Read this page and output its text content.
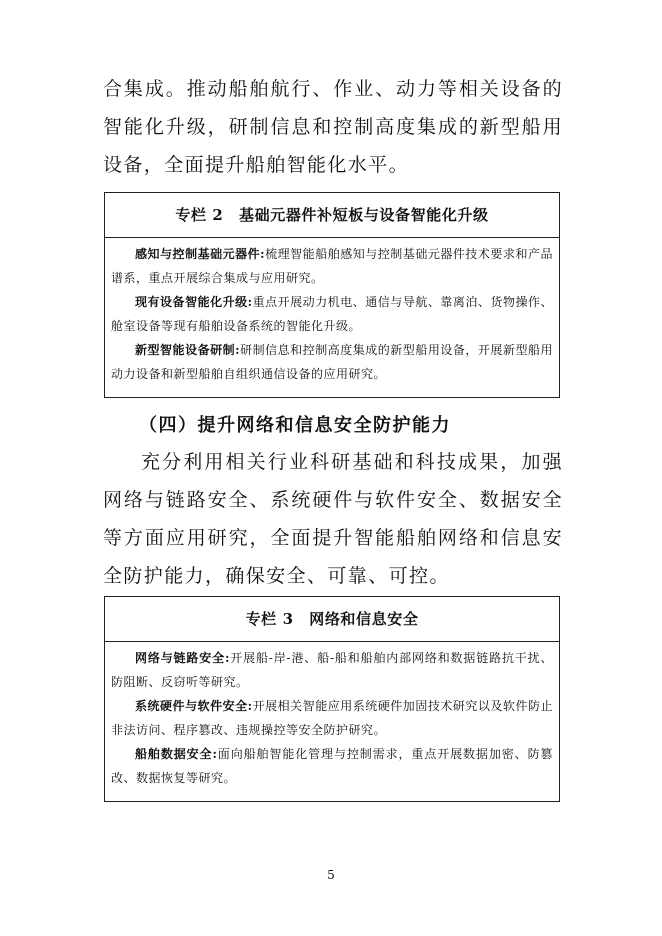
合集成。推动船舶航行、作业、动力等相关设备的智能化升级，研制信息和控制高度集成的新型船用设备，全面提升船舶智能化水平。

专栏 2　基础元器件补短板与设备智能化升级

感知与控制基础元器件:梳理智能船舶感知与控制基础元器件技术要求和产品谱系，重点开展综合集成与应用研究。

现有设备智能化升级:重点开展动力机电、通信与导航、靠离泊、货物操作、舱室设备等现有船舶设备系统的智能化升级。

新型智能设备研制:研制信息和控制高度集成的新型船用设备，开展新型船用动力设备和新型船舶自组织通信设备的应用研究。

（四）提升网络和信息安全防护能力

充分利用相关行业科研基础和科技成果，加强网络与链路安全、系统硬件与软件安全、数据安全等方面应用研究，全面提升智能船舶网络和信息安全防护能力，确保安全、可靠、可控。

专栏 3　网络和信息安全

网络与链路安全:开展船-岸-港、船-船和船舶内部网络和数据链路抗干扰、防阻断、反窃听等研究。

系统硬件与软件安全:开展相关智能应用系统硬件加固技术研究以及软件防止非法访问、程序篡改、违规操控等安全防护研究。

船舶数据安全:面向船舶智能化管理与控制需求，重点开展数据加密、防篡改、数据恢复等研究。

5
